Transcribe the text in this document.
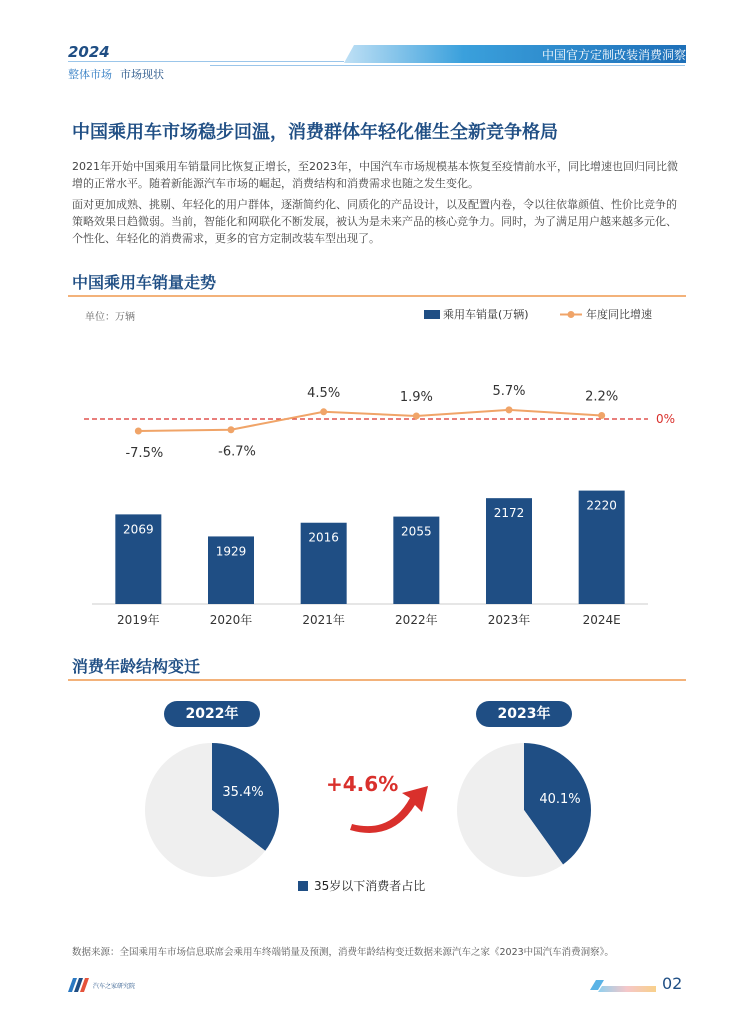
2024	中国官方定制改装消费洞察
整体市场 市场现状
中国乘用车市场稳步回温，消费群体年轻化催生全新竞争格局

2021年开始中国乘用车销量同比恢复正增长，至2023年，中国汽车市场规模基本恢复至疫情前水平，同比增速也回归同比微增的正常水平。随着新能源汽车市场的崛起，消费结构和消费需求也随之发生变化。

面对更加成熟、挑剔、年轻化的用户群体，逐渐简约化、同质化的产品设计，以及配置内卷，令以往依靠颜值、性价比竞争的策略效果日趋微弱。当前，智能化和网联化不断发展，被认为是未来产品的核心竞争力。同时，为了满足用户越来越多元化、个性化、年轻化的消费需求，更多的官方定制改装车型出现了。

中国乘用车销量走势
单位：万辆	乘用车销量(万辆)	年度同比增速
0%
2069
2019年
1929
2020年
2016
2021年
2055
2022年
2172
2023年
2220
2024E
-7.5%	-6.7%
4.5%	1.9%	5.7%	2.2%
35.4%	40.1%
消费年龄结构变迁
2022年	2023年
+4.6%
35岁以下消费者占比
数据来源：全国乘用车市场信息联席会乘用车终端销量及预测，消费年龄结构变迁数据来源汽车之家《2023中国汽车消费洞察》。
汽车之家研究院	02
